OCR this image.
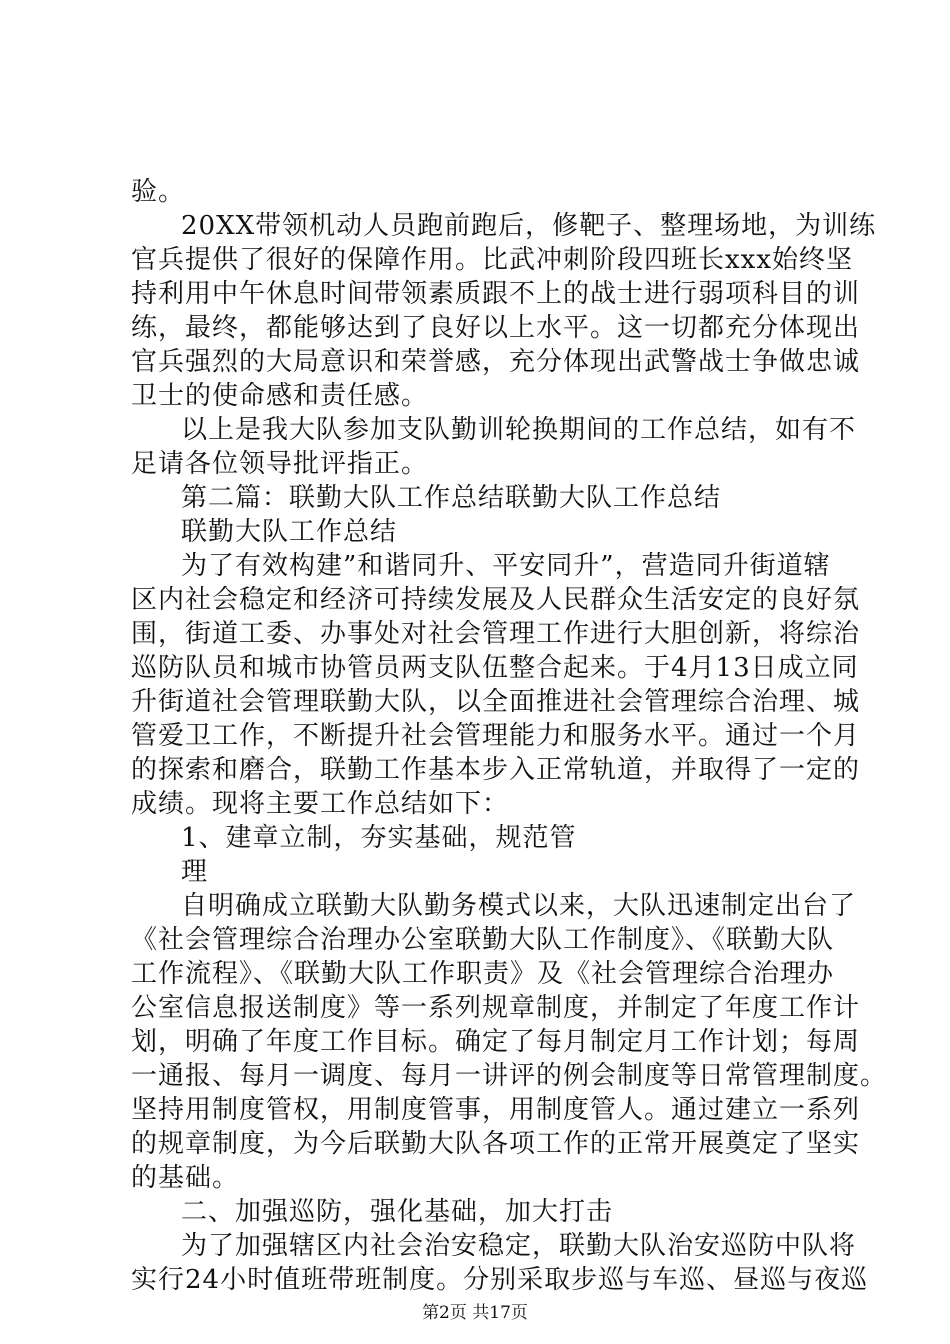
验。
20XX带领机动人员跑前跑后，修靶子、整理场地，为训练
官兵提供了很好的保障作用。比武冲刺阶段四班长xxx始终坚
持利用中午休息时间带领素质跟不上的战士进行弱项科目的训
练，最终，都能够达到了良好以上水平。这一切都充分体现出
官兵强烈的大局意识和荣誉感，充分体现出武警战士争做忠诚
卫士的使命感和责任感。
以上是我大队参加支队勤训轮换期间的工作总结，如有不
足请各位领导批评指正。
第二篇：联勤大队工作总结联勤大队工作总结
联勤大队工作总结
为了有效构建”和谐同升、平安同升”，营造同升街道辖
区内社会稳定和经济可持续发展及人民群众生活安定的良好氛
围，街道工委、办事处对社会管理工作进行大胆创新，将综治
巡防队员和城市协管员两支队伍整合起来。于4月13日成立同
升街道社会管理联勤大队，以全面推进社会管理综合治理、城
管爱卫工作，不断提升社会管理能力和服务水平。通过一个月
的探索和磨合，联勤工作基本步入正常轨道，并取得了一定的
成绩。现将主要工作总结如下：
1、建章立制，夯实基础，规范管
理
自明确成立联勤大队勤务模式以来，大队迅速制定出台了
《社会管理综合治理办公室联勤大队工作制度》、《联勤大队
工作流程》、《联勤大队工作职责》及《社会管理综合治理办
公室信息报送制度》等一系列规章制度，并制定了年度工作计
划，明确了年度工作目标。确定了每月制定月工作计划；每周
一通报、每月一调度、每月一讲评的例会制度等日常管理制度。
坚持用制度管权，用制度管事，用制度管人。通过建立一系列
的规章制度，为今后联勤大队各项工作的正常开展奠定了坚实
的基础。
二、加强巡防，强化基础，加大打击
为了加强辖区内社会治安稳定，联勤大队治安巡防中队将
实行24小时值班带班制度。分别采取步巡与车巡、昼巡与夜巡
第2页 共17页
